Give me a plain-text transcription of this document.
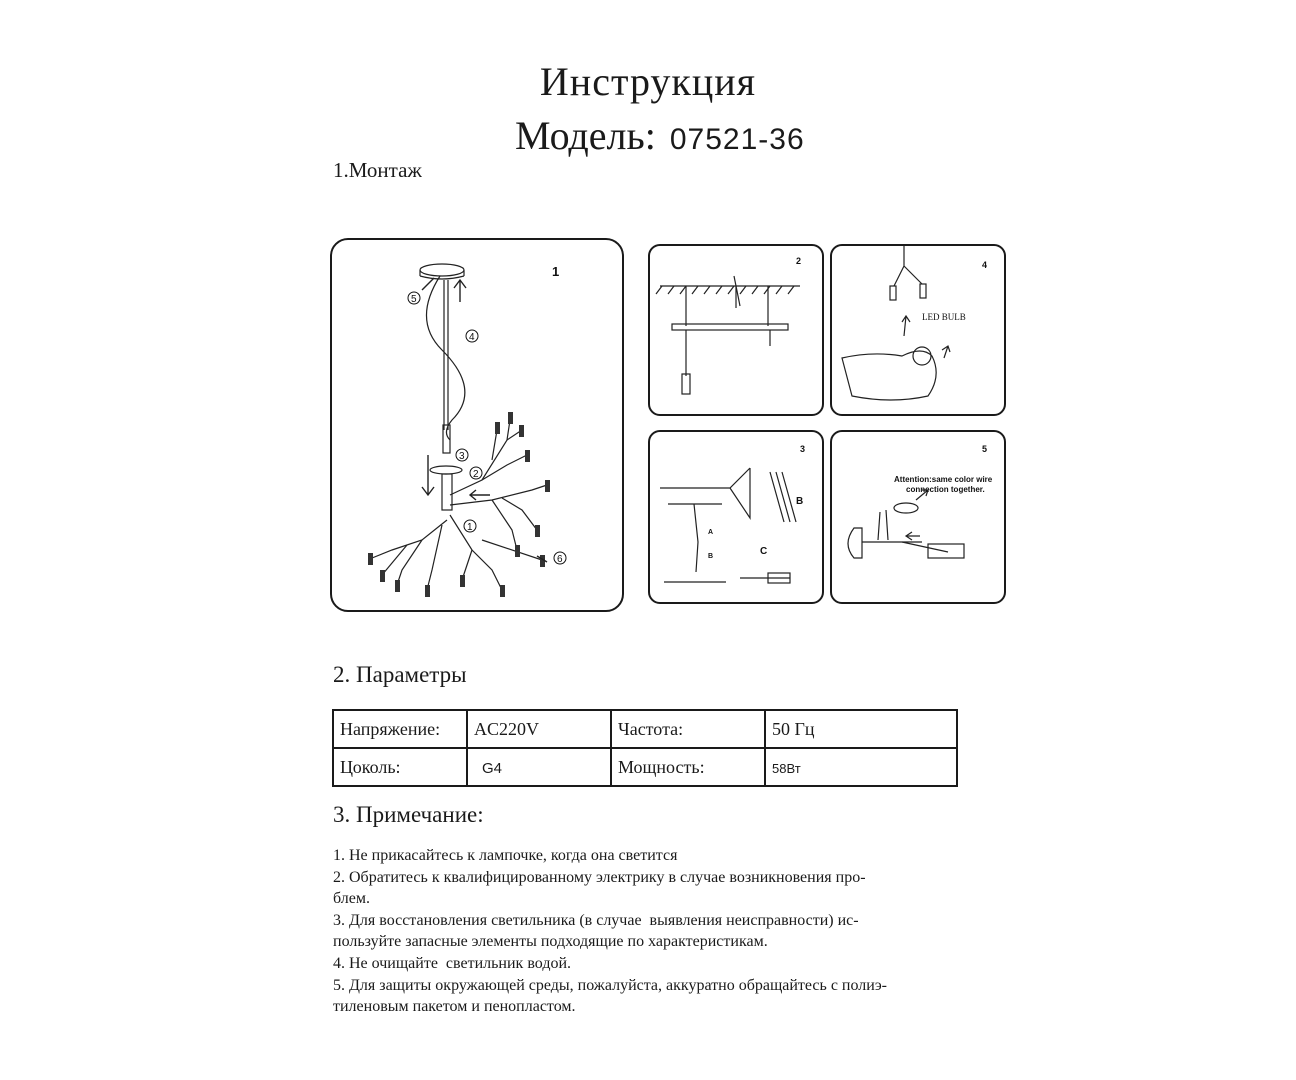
Инструкция
Модель: 07521-36
1.Монтаж
5
4
3
2
1
6
1
2
LED BULB
4
A
B
C
B
3
Attention:same color wire
connection together.
5
2. Параметры
Напряжение:	AC220V	Частота:	50 Гц
Цоколь:	G4	Мощность:	58Вт
3. Примечание:
1. Не прикасайтесь к лампочке, когда она светится
2. Обратитесь к квалифицированному электрику в случае возникновения про-
блем.
3. Для восстановления светильника (в случае  выявления неисправности) ис-
пользуйте запасные элементы подходящие по характеристикам.
4. Не очищайте  светильник водой.
5. Для защиты окружающей среды, пожалуйста, аккуратно обращайтесь с полиэ-
тиленовым пакетом и пенопластом.
